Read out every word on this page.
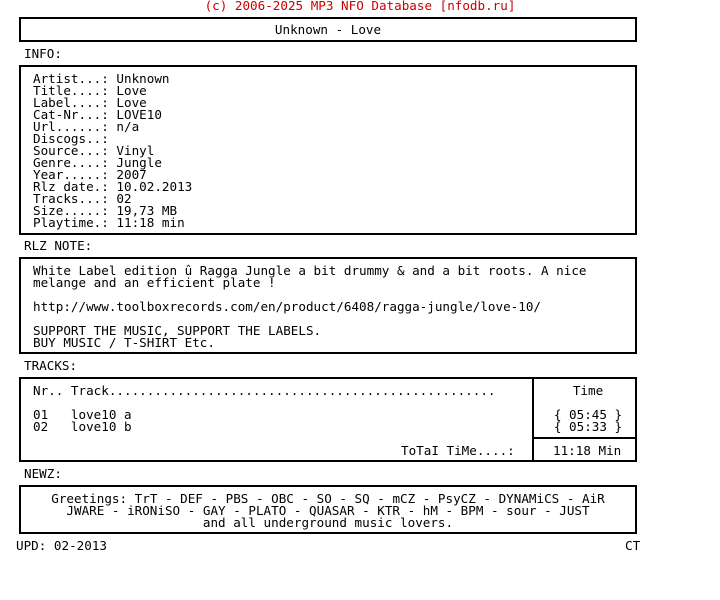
(c) 2006-2025 MP3 NFO Database [nfodb.ru]
Unknown - Love
INFO:
Artist...: Unknown
Title....: Love
Label....: Love
Cat-Nr...: LOVE10
Url......: n/a
Discogs..:
Source...: Vinyl
Genre....: Jungle
Year.....: 2007
Rlz date.: 10.02.2013
Tracks...: 02
Size.....: 19,73 MB
Playtime.: 11:18 min
RLZ NOTE:
White Label edition û Ragga Jungle a bit drummy & and a bit roots. A nice
melange and an efficient plate !

http://www.toolboxrecords.com/en/product/6408/ragga-jungle/love-10/

SUPPORT THE MUSIC, SUPPORT THE LABELS.
BUY MUSIC / T-SHIRT Etc.
TRACKS:
Nr.. Track...................................................

01 love10 a
02 love10 b
Time

{ 05:45 }
{ 05:33 }
ToTaI TiMe....:	11:18 Min
NEWZ:
Greetings: TrT - DEF - PBS - OBC - SO - SQ - mCZ - PsyCZ - DYNAMiCS - AiR
JWARE - iRONiSO - GAY - PLATO - QUASAR - KTR - hM - BPM - sour - JUST
and all underground music lovers.
UPD: 02-2013	CT
